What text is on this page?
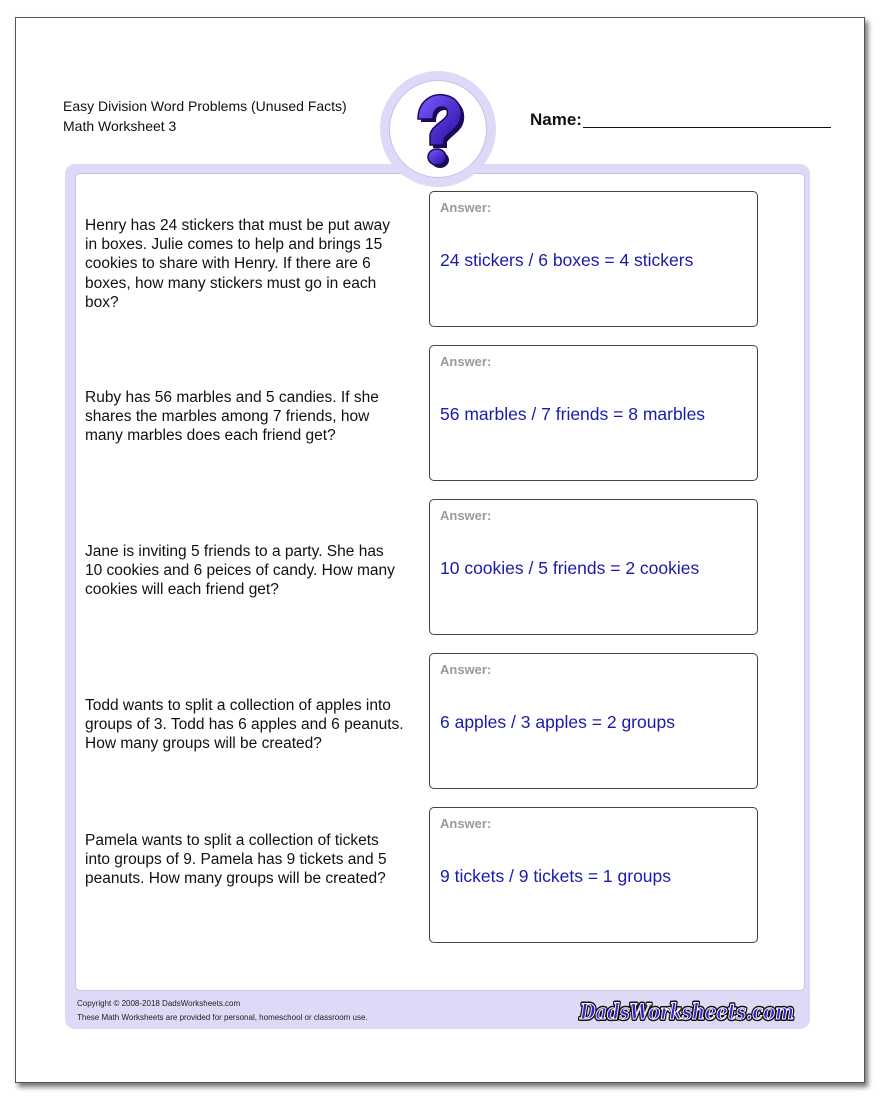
Easy Division Word Problems (Unused Facts)
Math Worksheet 3	Name:
Henry has 24 stickers that must be put away in boxes. Julie comes to help and brings 15 cookies to share with Henry. If there are 6 boxes, how many stickers must go in each box?
Answer:
24 stickers / 6 boxes = 4 stickers
Ruby has 56 marbles and 5 candies. If she shares the marbles among 7 friends, how many marbles does each friend get?
Answer:
56 marbles / 7 friends = 8 marbles
Jane is inviting 5 friends to a party. She has 10 cookies and 6 peices of candy. How many cookies will each friend get?
Answer:
10 cookies / 5 friends = 2 cookies
Todd wants to split a collection of apples into groups of 3. Todd has 6 apples and 6 peanuts. How many groups will be created?
Answer:
6 apples / 3 apples = 2 groups
Pamela wants to split a collection of tickets into groups of 9. Pamela has 9 tickets and 5 peanuts. How many groups will be created?
Answer:
9 tickets / 9 tickets = 1 groups
Copyright © 2008-2018 DadsWorksheets.com
These Math Worksheets are provided for personal, homeschool or classroom use.	DadsWorksheets.com
DadsWorksheets.com
